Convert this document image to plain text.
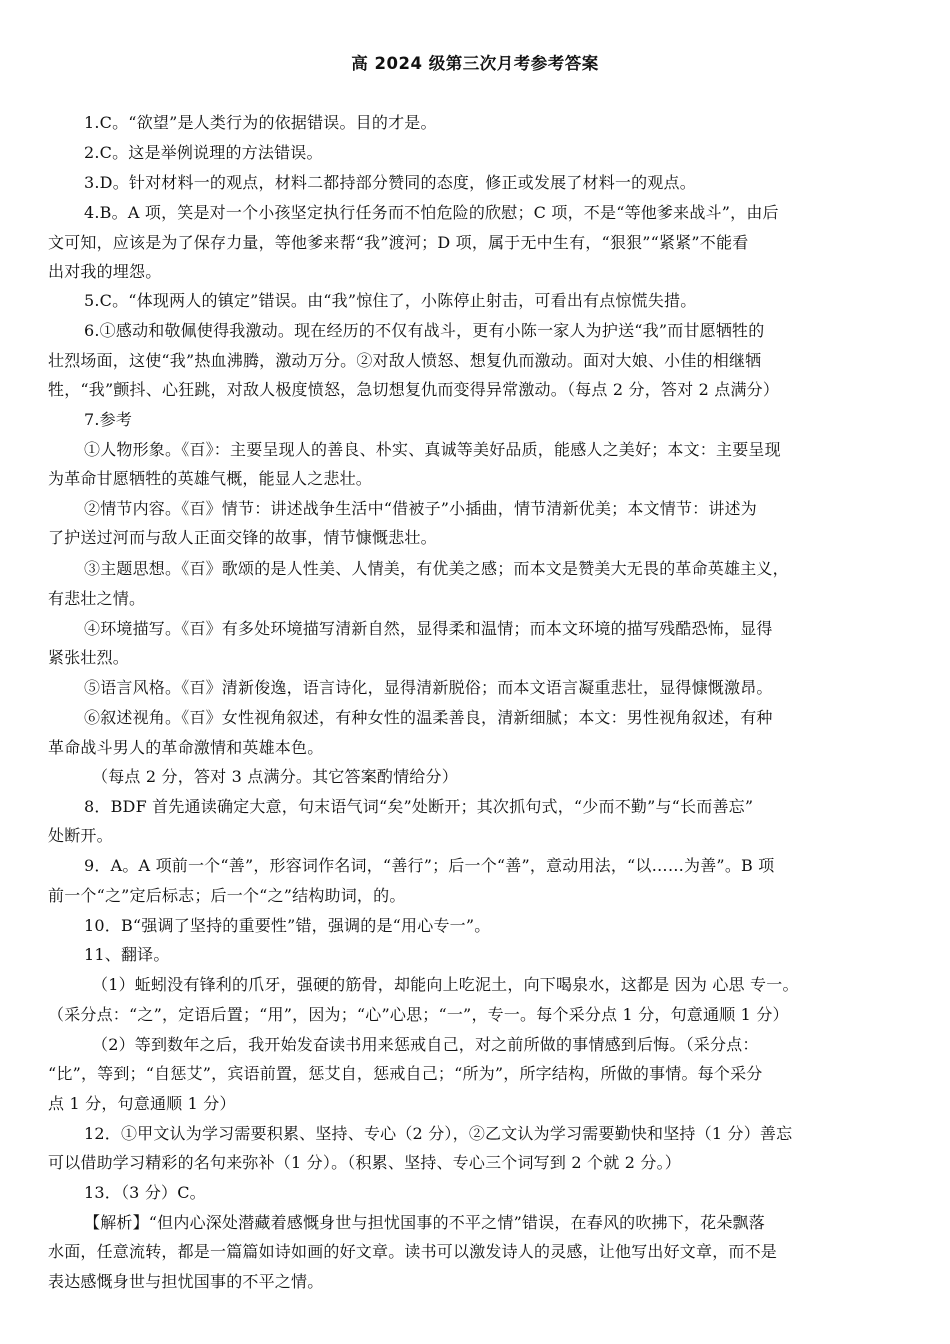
高 2024 级第三次月考参考答案
1.C。“欲望”是人类行为的依据错误。目的才是。
2.C。这是举例说理的方法错误。
3.D。针对材料一的观点，材料二都持部分赞同的态度，修正或发展了材料一的观点。
4.B。A 项，笑是对一个小孩坚定执行任务而不怕危险的欣慰；C 项，不是“等他爹来战斗”，由后
文可知，应该是为了保存力量，等他爹来帮“我”渡河；D 项，属于无中生有，“狠狠”“紧紧”不能看
出对我的埋怨。
5.C。“体现两人的镇定”错误。由“我”惊住了，小陈停止射击，可看出有点惊慌失措。
6.①感动和敬佩使得我激动。现在经历的不仅有战斗，更有小陈一家人为护送“我”而甘愿牺牲的
壮烈场面，这使“我”热血沸腾，激动万分。②对敌人愤怒、想复仇而激动。面对大娘、小佳的相继牺
牲，“我”颤抖、心狂跳，对敌人极度愤怒，急切想复仇而变得异常激动。（每点 2 分，答对 2 点满分）
7.参考
①人物形象。《百》：主要呈现人的善良、朴实、真诚等美好品质，能感人之美好；本文：主要呈现
为革命甘愿牺牲的英雄气概，能显人之悲壮。
②情节内容。《百》情节：讲述战争生活中“借被子”小插曲，情节清新优美；本文情节：讲述为
了护送过河而与敌人正面交锋的故事，情节慷慨悲壮。
③主题思想。《百》歌颂的是人性美、人情美，有优美之感；而本文是赞美大无畏的革命英雄主义，
有悲壮之情。
④环境描写。《百》有多处环境描写清新自然，显得柔和温情；而本文环境的描写残酷恐怖，显得
紧张壮烈。
⑤语言风格。《百》清新俊逸，语言诗化，显得清新脱俗；而本文语言凝重悲壮，显得慷慨激昂。
⑥叙述视角。《百》女性视角叙述，有种女性的温柔善良，清新细腻；本文：男性视角叙述，有种
革命战斗男人的革命激情和英雄本色。
（每点 2 分，答对 3 点满分。其它答案酌情给分）
8．BDF 首先通读确定大意，句末语气词“矣”处断开；其次抓句式，“少而不勤”与“长而善忘”
处断开。
9．A。A 项前一个“善”，形容词作名词，“善行”；后一个“善”，意动用法，“以……为善”。B 项
前一个“之”定后标志；后一个“之”结构助词，的。
10．B“强调了坚持的重要性”错，强调的是“用心专一”。
11、翻译。
（1）蚯蚓没有锋利的爪牙，强硬的筋骨，却能向上吃泥土，向下喝泉水，这都是 因为 心思 专一。
（采分点：“之”，定语后置；“用”，因为；“心”心思；“一”，专一。每个采分点 1 分，句意通顺 1 分）
（2）等到数年之后，我开始发奋读书用来惩戒自己，对之前所做的事情感到后悔。（采分点：
“比”，等到；“自惩艾”，宾语前置，惩艾自，惩戒自己；“所为”，所字结构，所做的事情。每个采分
点 1 分，句意通顺 1 分）
12．①甲文认为学习需要积累、坚持、专心（2 分），②乙文认为学习需要勤快和坚持（1 分）善忘
可以借助学习精彩的名句来弥补（1 分）。（积累、坚持、专心三个词写到 2 个就 2 分。）
13．（3 分）C。
【解析】“但内心深处潜藏着感慨身世与担忧国事的不平之情”错误，在春风的吹拂下，花朵飘落
水面，任意流转，都是一篇篇如诗如画的好文章。读书可以激发诗人的灵感，让他写出好文章，而不是
表达感慨身世与担忧国事的不平之情。
